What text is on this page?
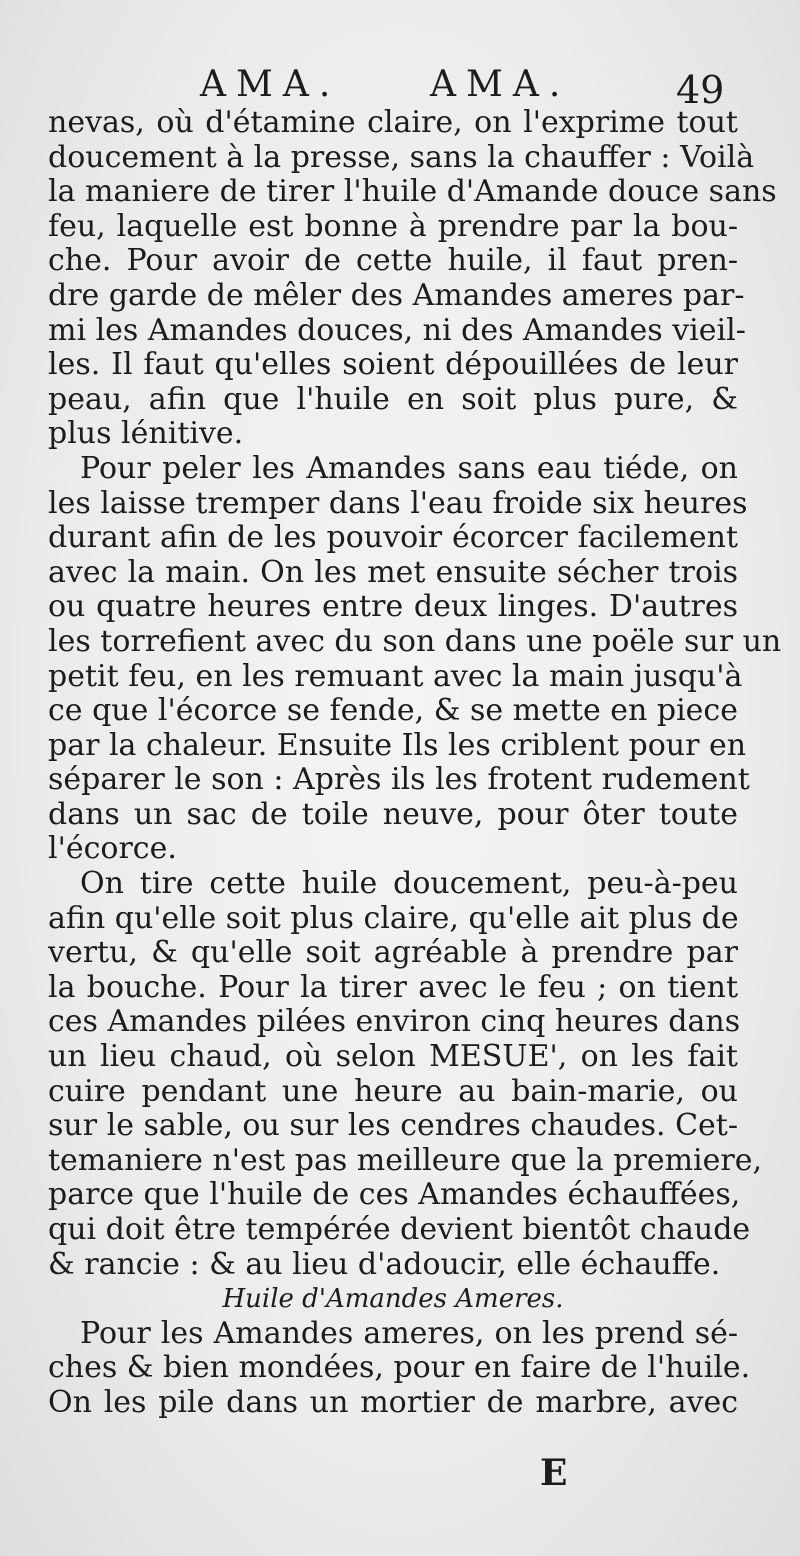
AMA. AMA.	49
nevas, où d'étamine claire, on l'exprime tout
doucement à la presse, sans la chauffer : Voilà
la maniere de tirer l'huile d'Amande douce sans
feu, laquelle est bonne à prendre par la bou-
che. Pour avoir de cette huile, il faut pren-
dre garde de mêler des Amandes ameres par-
mi les Amandes douces, ni des Amandes vieil-
les. Il faut qu'elles soient dépouillées de leur
peau, afin que l'huile en soit plus pure, &
plus lénitive.
Pour peler les Amandes sans eau tiéde, on
les laisse tremper dans l'eau froide six heures
durant afin de les pouvoir écorcer facilement
avec la main. On les met ensuite sécher trois
ou quatre heures entre deux linges. D'autres
les torrefient avec du son dans une poële sur un
petit feu, en les remuant avec la main jusqu'à
ce que l'écorce se fende, & se mette en piece
par la chaleur. Ensuite Ils les criblent pour en
séparer le son : Après ils les frotent rudement
dans un sac de toile neuve, pour ôter toute
l'écorce.
On tire cette huile doucement, peu-à-peu
afin qu'elle soit plus claire, qu'elle ait plus de
vertu, & qu'elle soit agréable à prendre par
la bouche. Pour la tirer avec le feu ; on tient
ces Amandes pilées environ cinq heures dans
un lieu chaud, où selon MESUE', on les fait
cuire pendant une heure au bain-marie, ou
sur le sable, ou sur les cendres chaudes. Cet-
temaniere n'est pas meilleure que la premiere,
parce que l'huile de ces Amandes échauffées,
qui doit être tempérée devient bientôt chaude
& rancie : & au lieu d'adoucir, elle échauffe.
Huile d'Amandes Ameres.
Pour les Amandes ameres, on les prend sé-
ches & bien mondées, pour en faire de l'huile.
On les pile dans un mortier de marbre, avec
E
